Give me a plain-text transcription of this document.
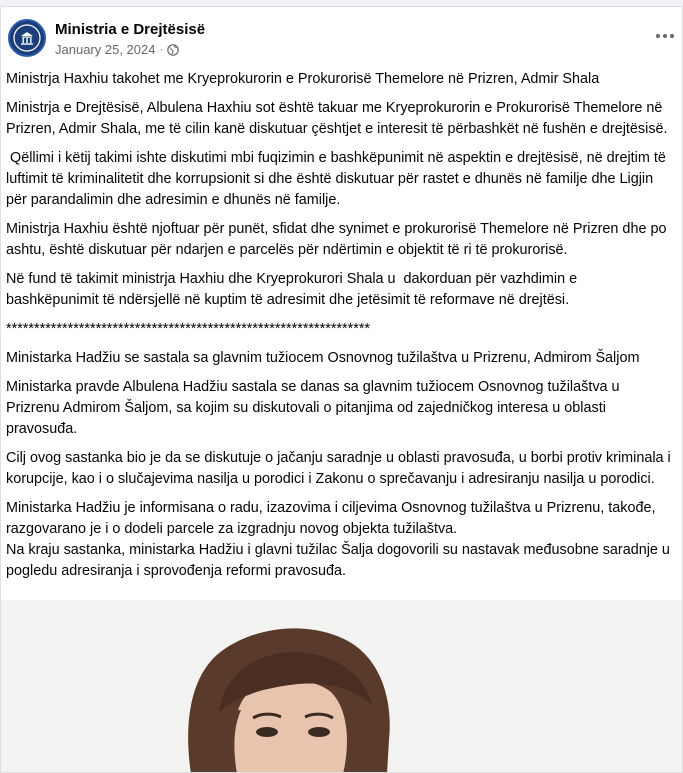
Ministria e Drejtësisë
January 25, 2024 ·

Ministrja Haxhiu takohet me Kryeprokurorin e Prokurorisë Themelore në Prizren, Admir Shala

Ministrja e Drejtësisë, Albulena Haxhiu sot është takuar me Kryeprokurorin e Prokurorisë Themelore në Prizren, Admir Shala, me të cilin kanë diskutuar çështjet e interesit të përbashkët në fushën e drejtësisë.

Qëllimi i këtij takimi ishte diskutimi mbi fuqizimin e bashkëpunimit në aspektin e drejtësisë, në drejtim të luftimit të kriminalitetit dhe korrupsionit si dhe është diskutuar për rastet e dhunës në familje dhe Ligjin për parandalimin dhe adresimin e dhunës në familje.

Ministrja Haxhiu është njoftuar për punët, sfidat dhe synimet e prokurorisë Themelore në Prizren dhe po ashtu, është diskutuar për ndarjen e parcelës për ndërtimin e objektit të ri të prokurorisë.

Në fund të takimit ministrja Haxhiu dhe Kryeprokurori Shala u  dakorduan për vazhdimin e bashkëpunimit të ndërsjellë në kuptim të adresimit dhe jetësimit të reformave në drejtësi.

*****************************************************************

Ministarka Hadžiu se sastala sa glavnim tužiocem Osnovnog tužilaštva u Prizrenu, Admirom Šaljom

Ministarka pravde Albulena Hadžiu sastala se danas sa glavnim tužiocem Osnovnog tužilaštva u Prizrenu Admirom Šaljom, sa kojim su diskutovali o pitanjima od zajedničkog interesa u oblasti pravosuđa.

Cilj ovog sastanka bio je da se diskutuje o jačanju saradnje u oblasti pravosuđa, u borbi protiv kriminala i korupcije, kao i o slučajevima nasilja u porodici i Zakonu o sprečavanju i adresiranju nasilja u porodici.

Ministarka Hadžiu je informisana o radu, izazovima i ciljevima Osnovnog tužilaštva u Prizrenu, takođe, razgovarano je i o dodeli parcele za izgradnju novog objekta tužilaštva.

Na kraju sastanka, ministarka Hadžiu i glavni tužilac Šalja dogovorili su nastavak međusobne saradnje u pogledu adresiranja i sprovođenja reformi pravosuđa.
